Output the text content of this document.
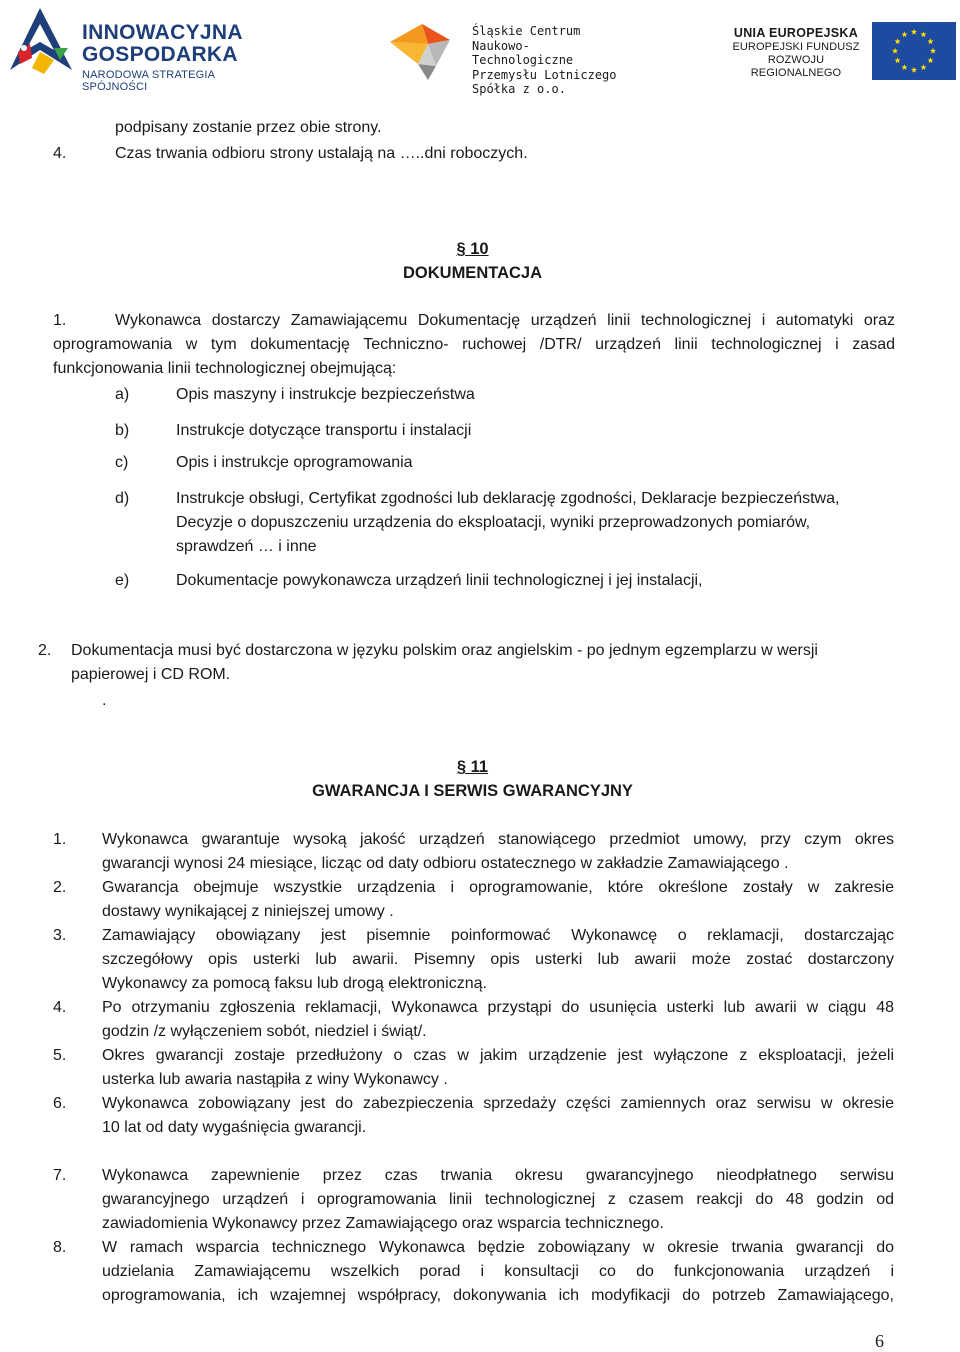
INNOWACYJNA
GOSPODARKA
NARODOWA STRATEGIA SPÓJNOŚCI
Śląskie Centrum
Naukowo-Technologiczne
Przemysłu Lotniczego
Spółka z o.o.
UNIA EUROPEJSKA
EUROPEJSKI FUNDUSZ
ROZWOJU REGIONALNEGO
podpisany zostanie przez obie strony.
4.	Czas trwania odbioru strony ustalają na …..dni roboczych.
§ 10
DOKUMENTACJA
1.	Wykonawca dostarczy Zamawiającemu Dokumentację urządzeń linii technologicznej i automatyki oraz
oprogramowania w tym dokumentację Techniczno- ruchowej /DTR/ urządzeń linii technologicznej i zasad
funkcjonowania linii technologicznej obejmującą:
a)	Opis maszyny i instrukcje bezpieczeństwa
b)	Instrukcje dotyczące transportu i instalacji
c)	Opis i instrukcje oprogramowania
d)	Instrukcje obsługi, Certyfikat zgodności lub deklarację zgodności, Deklaracje bezpieczeństwa,
Decyzje o dopuszczeniu urządzenia do eksploatacji, wyniki przeprowadzonych pomiarów,
sprawdzeń … i inne
e)	Dokumentacje powykonawcza urządzeń linii technologicznej i jej instalacji,
2. Dokumentacja musi być dostarczona w języku polskim oraz angielskim - po jednym egzemplarzu w wersji
papierowej i CD ROM.
.
§ 11
GWARANCJA I SERWIS GWARANCYJNY
1. Wykonawca gwarantuje wysoką jakość urządzeń stanowiącego przedmiot umowy, przy czym okres
gwarancji wynosi 24 miesiące, licząc od daty odbioru ostatecznego w zakładzie Zamawiającego .
2. Gwarancja obejmuje wszystkie urządzenia i oprogramowanie, które określone zostały w zakresie
dostawy wynikającej z niniejszej umowy .
3. Zamawiający obowiązany jest pisemnie poinformować Wykonawcę o reklamacji, dostarczając
szczegółowy opis usterki lub awarii. Pisemny opis usterki lub awarii może zostać dostarczony
Wykonawcy za pomocą faksu lub drogą elektroniczną.
4. Po otrzymaniu zgłoszenia reklamacji, Wykonawca przystąpi do usunięcia usterki lub awarii w ciągu 48
godzin /z wyłączeniem sobót, niedziel i świąt/.
5. Okres gwarancji zostaje przedłużony o czas w jakim urządzenie jest wyłączone z eksploatacji, jeżeli
usterka lub awaria nastąpiła z winy Wykonawcy .
6. Wykonawca zobowiązany jest do zabezpieczenia sprzedaży części zamiennych oraz serwisu w okresie
10 lat od daty wygaśnięcia gwarancji.
7. Wykonawca zapewnienie przez czas trwania okresu gwarancyjnego nieodpłatnego serwisu
gwarancyjnego urządzeń i oprogramowania linii technologicznej z czasem reakcji do 48 godzin od
zawiadomienia Wykonawcy przez Zamawiającego oraz wsparcia technicznego.
8. W ramach wsparcia technicznego Wykonawca będzie zobowiązany w okresie trwania gwarancji do
udzielania Zamawiającemu wszelkich porad i konsultacji co do funkcjonowania urządzeń i
oprogramowania, ich wzajemnej współpracy, dokonywania ich modyfikacji do potrzeb Zamawiającego,
6
